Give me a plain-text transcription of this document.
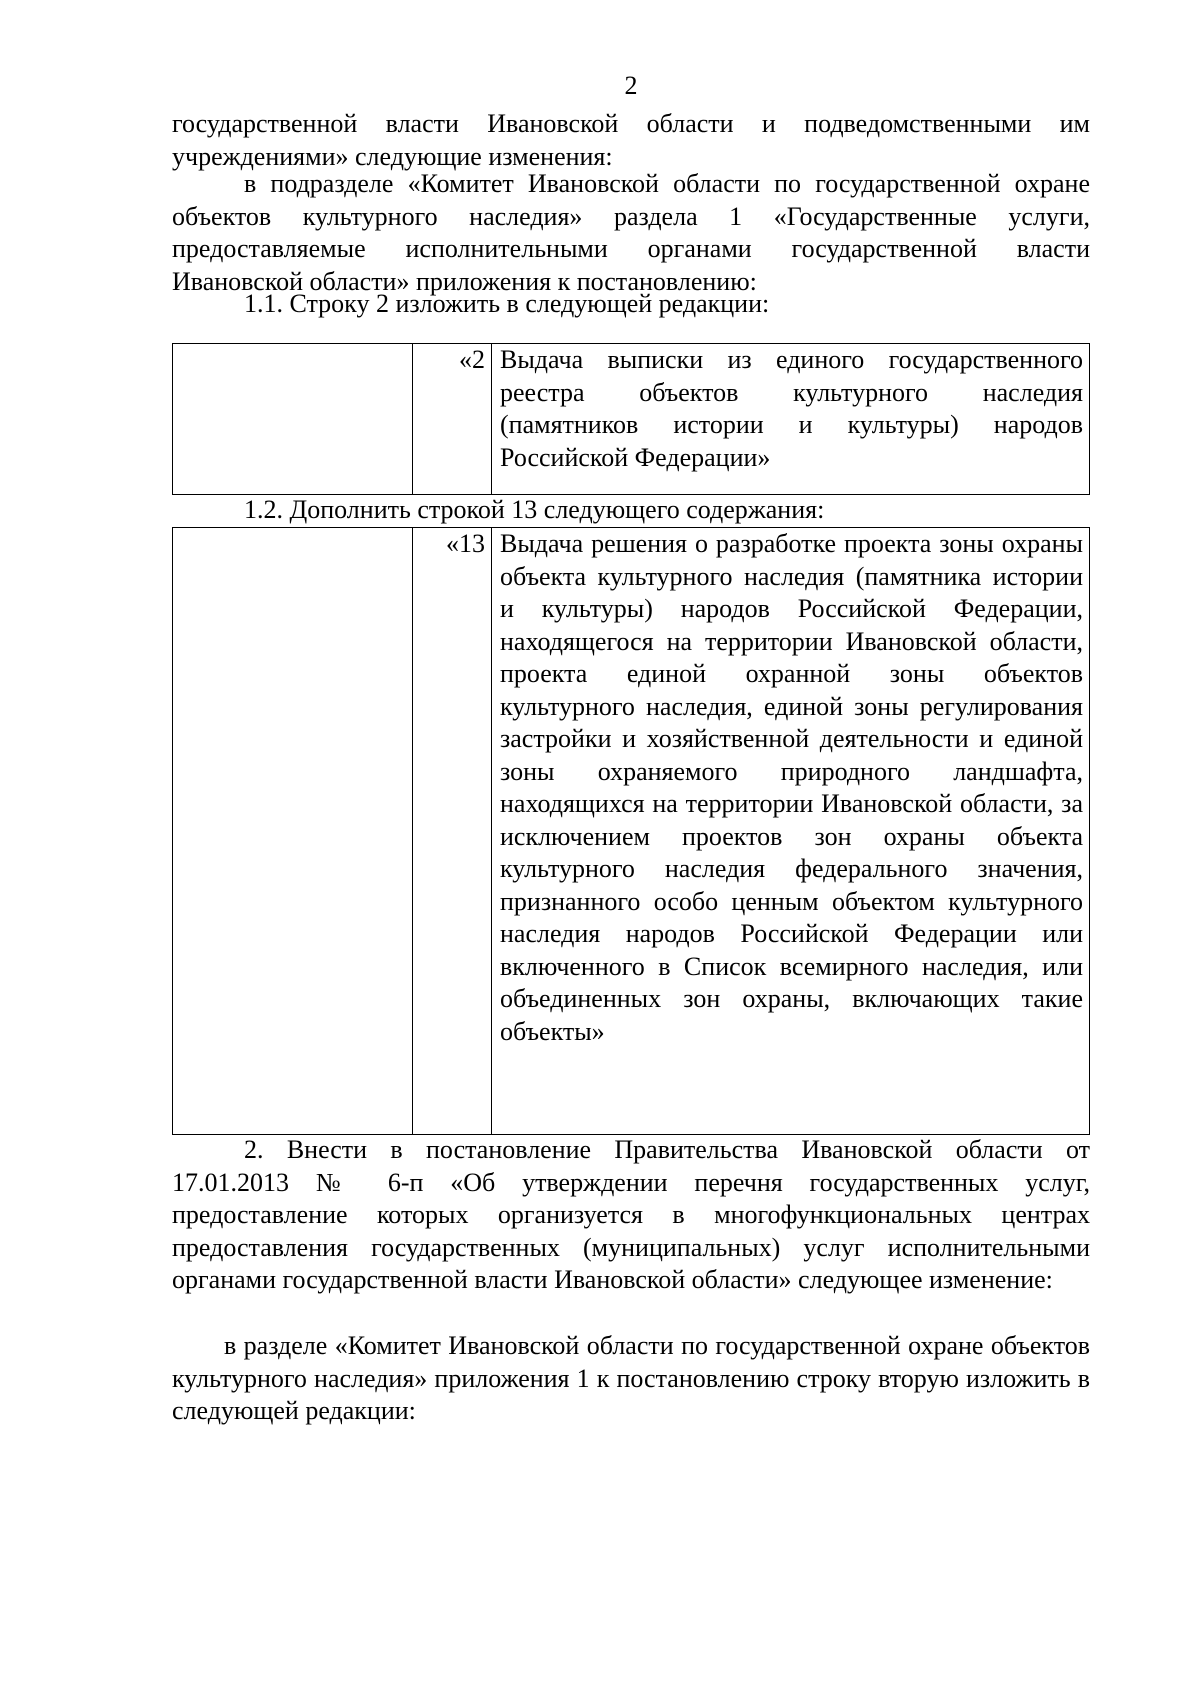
2

государственной власти Ивановской области и подведомственными им учреждениями» следующие изменения:

в подразделе «Комитет Ивановской области по государственной охране объектов культурного наследия» раздела 1 «Государственные услуги, предоставляемые исполнительными органами государственной власти Ивановской области» приложения к постановлению:

1.1. Строку 2 изложить в следующей редакции:

	«2	Выдача выписки из единого государственного реестра объектов культурного наследия (памятников истории и культуры) народов Российской Федерации»

1.2. Дополнить строкой 13 следующего содержания:

	«13	Выдача решения о разработке проекта зоны охраны объекта культурного наследия (памятника истории и культуры) народов Российской Федерации, находящегося на территории Ивановской области, проекта единой охранной зоны объектов культурного наследия, единой зоны регулирования застройки и хозяйственной деятельности и единой зоны охраняемого природного ландшафта, находящихся на территории Ивановской области, за исключением проектов зон охраны объекта культурного наследия федерального значения, признанного особо ценным объектом культурного наследия народов Российской Федерации или включенного в Список всемирного наследия, или объединенных зон охраны, включающих такие объекты»

2. Внести в постановление Правительства Ивановской области от 17.01.2013 № 6-п «Об утверждении перечня государственных услуг, предоставление которых организуется в многофункциональных центрах предоставления государственных (муниципальных) услуг исполнительными органами государственной власти Ивановской области» следующее изменение:

в разделе «Комитет Ивановской области по государственной охране объектов культурного наследия» приложения 1 к постановлению строку вторую изложить в следующей редакции:
